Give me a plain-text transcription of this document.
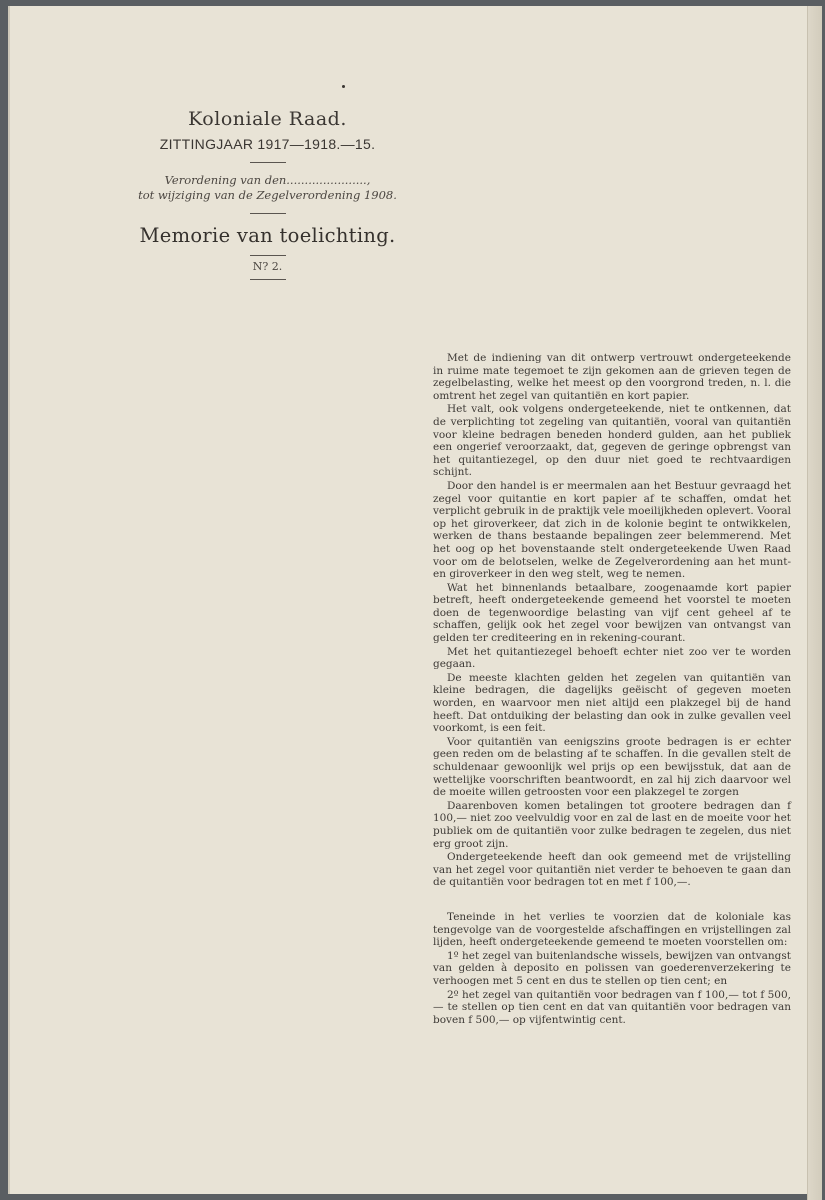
Koloniale Raad.
ZITTINGJAAR 1917—1918.—15.
Verordening van den......................,
tot wijziging van de Zegelverordening 1908.
Memorie van toelichting.
N? 2.

Met de indiening van dit ontwerp vertrouwt ondergeteekende in ruime mate tegemoet te zijn gekomen aan de grieven tegen de zegelbelasting, welke het meest op den voorgrond treden, n. l. die omtrent het zegel van quitantiën en kort papier.

Het valt, ook volgens ondergeteekende, niet te ontkennen, dat de verplichting tot zegeling van quitantiën, vooral van quitantiën voor kleine bedragen beneden honderd gulden, aan het publiek een ongerief veroorzaakt, dat, gegeven de geringe opbrengst van het quitantiezegel, op den duur niet goed te rechtvaardigen schijnt.

Door den handel is er meermalen aan het Bestuur gevraagd het zegel voor quitantie en kort papier af te schaffen, omdat het verplicht gebruik in de praktijk vele moeilijkheden oplevert. Vooral op het giroverkeer, dat zich in de kolonie begint te ontwikkelen, werken de thans bestaande bepalingen zeer belemmerend. Met het oog op het bovenstaande stelt ondergeteekende Uwen Raad voor om de belotselen, welke de Zegelverordening aan het munt- en giroverkeer in den weg stelt, weg te nemen.

Wat het binnenlands betaalbare, zoogenaamde kort papier betreft, heeft ondergeteekende gemeend het voorstel te moeten doen de tegenwoordige belasting van vijf cent geheel af te schaffen, gelijk ook het zegel voor bewijzen van ontvangst van gelden ter crediteering en in rekening-courant.

Met het quitantiezegel behoeft echter niet zoo ver te worden gegaan.

De meeste klachten gelden het zegelen van quitantiën van kleine bedragen, die dagelijks geëischt of gegeven moeten worden, en waarvoor men niet altijd een plakzegel bij de hand heeft. Dat ontduiking der belasting dan ook in zulke gevallen veel voorkomt, is een feit.

Voor quitantiën van eenigszins groote bedragen is er echter geen reden om de belasting af te schaffen. In die gevallen stelt de schuldenaar gewoonlijk wel prijs op een bewijsstuk, dat aan de wettelijke voorschriften beantwoordt, en zal hij zich daarvoor wel de moeite willen getroosten voor een plakzegel te zorgen

Daarenboven komen betalingen tot grootere bedragen dan f 100,— niet zoo veelvuldig voor en zal de last en de moeite voor het publiek om de quitantiën voor zulke bedragen te zegelen, dus niet erg groot zijn.

Ondergeteekende heeft dan ook gemeend met de vrijstelling van het zegel voor quitantiën niet verder te behoeven te gaan dan de quitantiën voor bedragen tot en met f 100,—.

Teneinde in het verlies te voorzien dat de koloniale kas tengevolge van de voorgestelde afschaffingen en vrijstellingen zal lijden, heeft ondergeteekende gemeend te moeten voorstellen om:

1º het zegel van buitenlandsche wissels, bewijzen van ontvangst van gelden à deposito en polissen van goederenverzekering te verhoogen met 5 cent en dus te stellen op tien cent; en

2º het zegel van quitantiën voor bedragen van f 100,— tot f 500,— te stellen op tien cent en dat van quitantiën voor bedragen van boven f 500,— op vijfentwintig cent.
